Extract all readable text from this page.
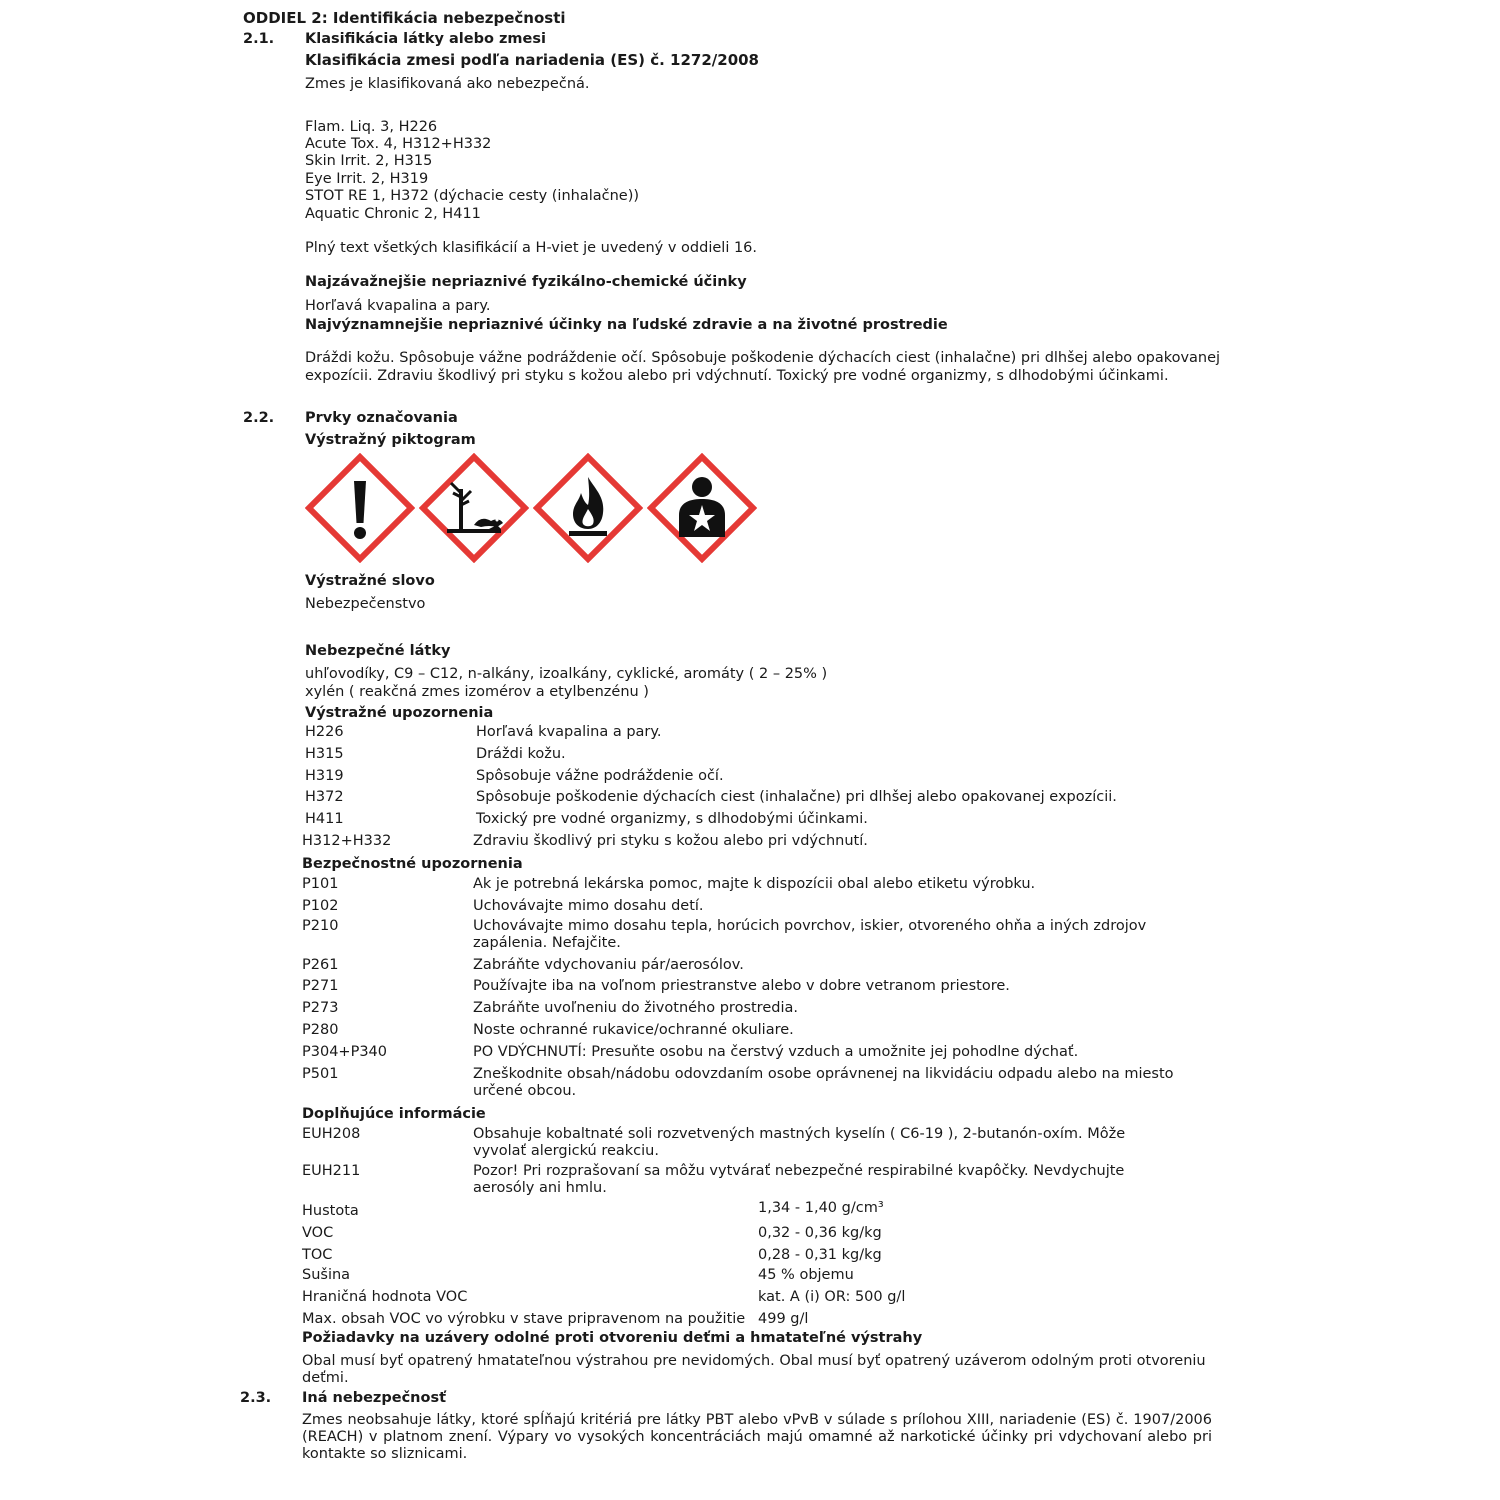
ODDIEL 2: Identifikácia nebezpečnosti
2.1. Klasifikácia látky alebo zmesi
Klasifikácia zmesi podľa nariadenia (ES) č. 1272/2008
Zmes je klasifikovaná ako nebezpečná.
Flam. Liq. 3, H226
Acute Tox. 4, H312+H332
Skin Irrit. 2, H315
Eye Irrit. 2, H319
STOT RE 1, H372 (dýchacie cesty (inhalačne))
Aquatic Chronic 2, H411
Plný text všetkých klasifikácií a H-viet je uvedený v oddieli 16.
Najzávažnejšie nepriaznivé fyzikálno-chemické účinky
Horľavá kvapalina a pary.
Najvýznamnejšie nepriaznivé účinky na ľudské zdravie a na životné prostredie
Dráždi kožu. Spôsobuje vážne podráždenie očí. Spôsobuje poškodenie dýchacích ciest (inhalačne) pri dlhšej alebo opakovanej
expozícii. Zdraviu škodlivý pri styku s kožou alebo pri vdýchnutí. Toxický pre vodné organizmy, s dlhodobými účinkami.
2.2. Prvky označovania
Výstražný piktogram
Výstražné slovo
Nebezpečenstvo
Nebezpečné látky
uhľovodíky, C9 – C12, n-alkány, izoalkány, cyklické, aromáty ( 2 – 25% )
xylén ( reakčná zmes izomérov a etylbenzénu )
Výstražné upozornenia
H226	Horľavá kvapalina a pary.
H315	Dráždi kožu.
H319	Spôsobuje vážne podráždenie očí.
H372	Spôsobuje poškodenie dýchacích ciest (inhalačne) pri dlhšej alebo opakovanej expozícii.
H411	Toxický pre vodné organizmy, s dlhodobými účinkami.
H312+H332	Zdraviu škodlivý pri styku s kožou alebo pri vdýchnutí.
Bezpečnostné upozornenia
P101	Ak je potrebná lekárska pomoc, majte k dispozícii obal alebo etiketu výrobku.
P102	Uchovávajte mimo dosahu detí.
P210	Uchovávajte mimo dosahu tepla, horúcich povrchov, iskier, otvoreného ohňa a iných zdrojov zapálenia. Nefajčite.
P261	Zabráňte vdychovaniu pár/aerosólov.
P271	Používajte iba na voľnom priestranstve alebo v dobre vetranom priestore.
P273	Zabráňte uvoľneniu do životného prostredia.
P280	Noste ochranné rukavice/ochranné okuliare.
P304+P340	PO VDÝCHNUTÍ: Presuňte osobu na čerstvý vzduch a umožnite jej pohodlne dýchať.
P501	Zneškodnite obsah/nádobu odovzdaním osobe oprávnenej na likvidáciu odpadu alebo na miesto určené obcou.
Doplňujúce informácie
EUH208	Obsahuje kobaltnaté soli rozvetvených mastných kyselín ( C6-19 ), 2-butanón-oxím. Môže vyvolať alergickú reakciu.
EUH211	Pozor! Pri rozprašovaní sa môžu vytvárať nebezpečné respirabilné kvapôčky. Nevdychujte aerosóly ani hmlu.
Hustota	1,34 - 1,40 g/cm³
VOC	0,32 - 0,36 kg/kg
TOC	0,28 - 0,31 kg/kg
Sušina	45 % objemu
Hraničná hodnota VOC	kat. A (i) OR: 500 g/l
Max. obsah VOC vo výrobku v stave pripravenom na použitie 499 g/l
Požiadavky na uzávery odolné proti otvoreniu deťmi a hmatateľné výstrahy
Obal musí byť opatrený hmatateľnou výstrahou pre nevidomých. Obal musí byť opatrený uzáverom odolným proti otvoreniu deťmi.
2.3. Iná nebezpečnosť
Zmes neobsahuje látky, ktoré spĺňajú kritériá pre látky PBT alebo vPvB v súlade s prílohou XIII, nariadenie (ES) č. 1907/2006 (REACH) v platnom znení. Výpary vo vysokých koncentráciách majú omamné až narkotické účinky pri vdychovaní alebo pri kontakte so sliznicami.
